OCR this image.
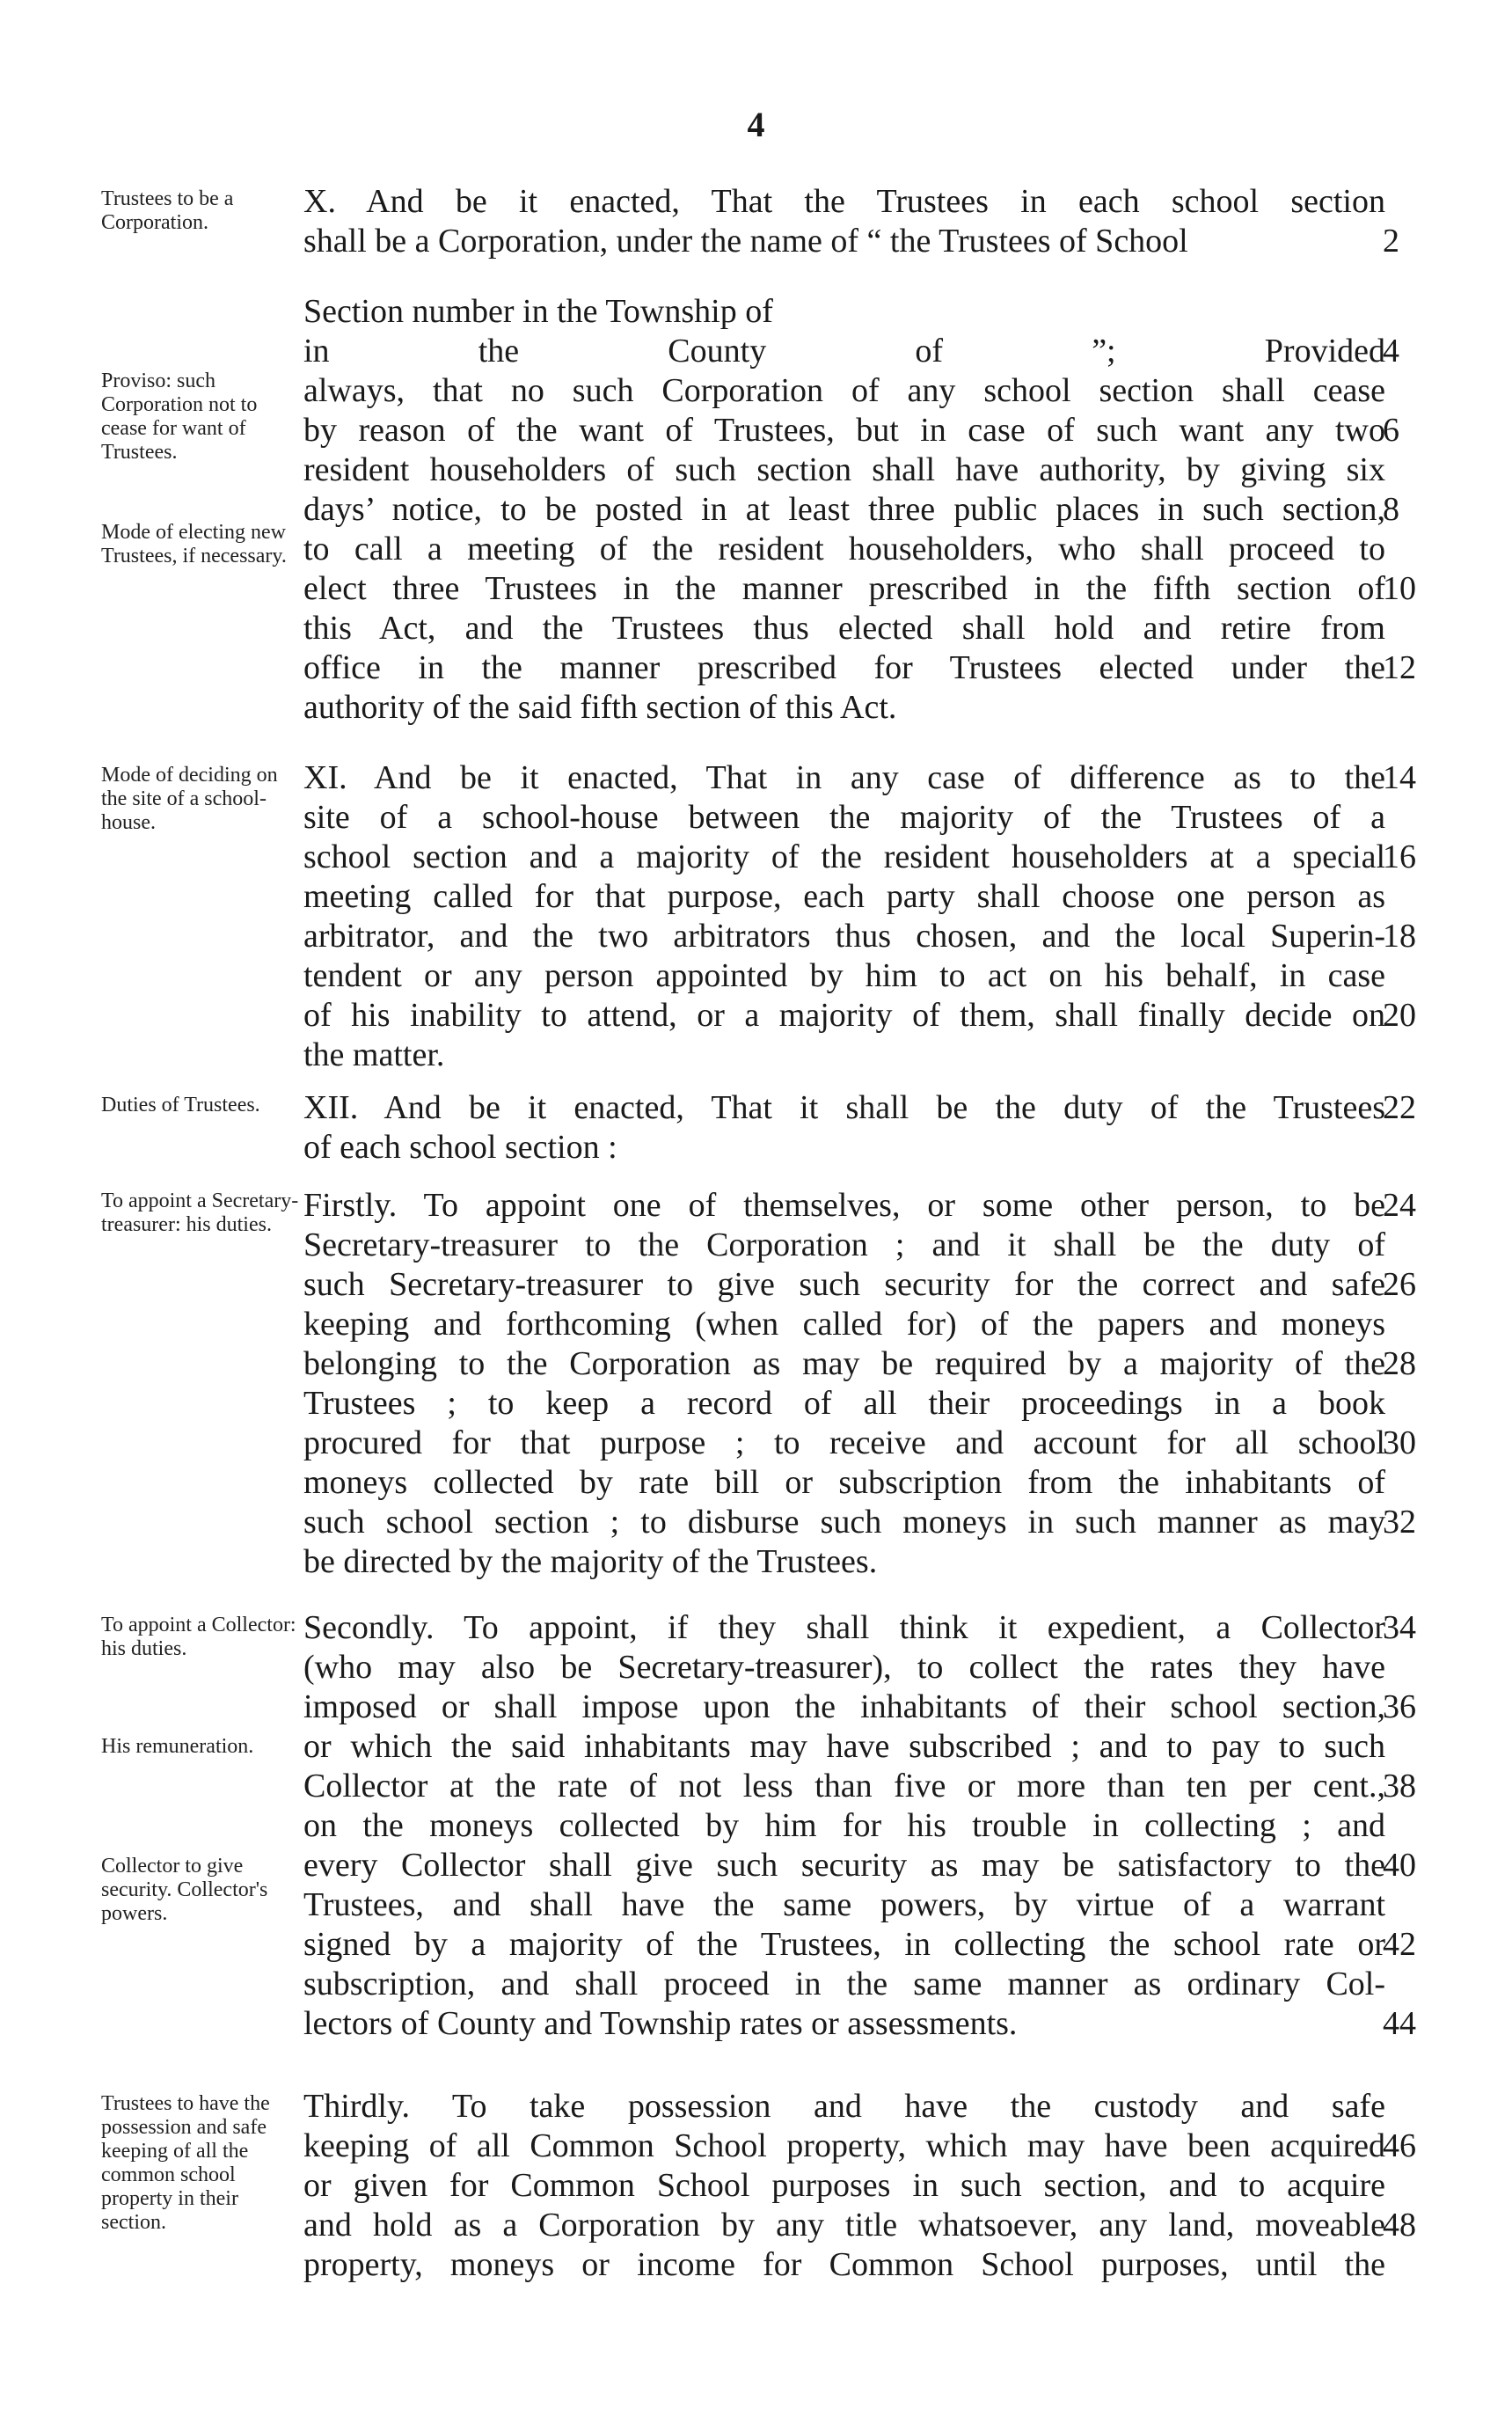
4
Trustees to be a Corporation.
Proviso: such Corporation not to cease for want of Trustees.
Mode of electing new Trustees, if necessary.
Mode of deciding on the site of a school-house.
Duties of Trustees.
To appoint a Secretary-treasurer: his duties.
To appoint a Collector: his duties.
His remuneration.
Collector to give security. Collector's powers.
Trustees to have the possession and safe keeping of all the common school property in their section.
X. And be it enacted, That the Trustees in each school section
shall be a Corporation, under the name of “ the Trustees of School
Section number in the Township of
in the County of ”; Provided
always, that no such Corporation of any school section shall cease
by reason of the want of Trustees, but in case of such want any two
resident householders of such section shall have authority, by giving six
days’ notice, to be posted in at least three public places in such section,
to call a meeting of the resident householders, who shall proceed to
elect three Trustees in the manner prescribed in the fifth section of
this Act, and the Trustees thus elected shall hold and retire from
office in the manner prescribed for Trustees elected under the
authority of the said fifth section of this Act.
XI. And be it enacted, That in any case of difference as to the
site of a school-house between the majority of the Trustees of a
school section and a majority of the resident householders at a special
meeting called for that purpose, each party shall choose one person as
arbitrator, and the two arbitrators thus chosen, and the local Superin-
tendent or any person appointed by him to act on his behalf, in case
of his inability to attend, or a majority of them, shall finally decide on
the matter.
XII. And be it enacted, That it shall be the duty of the Trustees
of each school section :
Firstly. To appoint one of themselves, or some other person, to be
Secretary-treasurer to the Corporation ; and it shall be the duty of
such Secretary-treasurer to give such security for the correct and safe
keeping and forthcoming (when called for) of the papers and moneys
belonging to the Corporation as may be required by a majority of the
Trustees ; to keep a record of all their proceedings in a book
procured for that purpose ; to receive and account for all school
moneys collected by rate bill or subscription from the inhabitants of
such school section ; to disburse such moneys in such manner as may
be directed by the majority of the Trustees.
Secondly. To appoint, if they shall think it expedient, a Collector
(who may also be Secretary-treasurer), to collect the rates they have
imposed or shall impose upon the inhabitants of their school section,
or which the said inhabitants may have subscribed ; and to pay to such
Collector at the rate of not less than five or more than ten per cent.,
on the moneys collected by him for his trouble in collecting ; and
every Collector shall give such security as may be satisfactory to the
Trustees, and shall have the same powers, by virtue of a warrant
signed by a majority of the Trustees, in collecting the school rate or
subscription, and shall proceed in the same manner as ordinary Col-
lectors of County and Township rates or assessments.
Thirdly. To take possession and have the custody and safe
keeping of all Common School property, which may have been acquired
or given for Common School purposes in such section, and to acquire
and hold as a Corporation by any title whatsoever, any land, moveable
property, moneys or income for Common School purposes, until the
2
4
6
8
10
12
14
16
18
20
22
24
26
28
30
32
34
36
38
40
42
44
46
48
